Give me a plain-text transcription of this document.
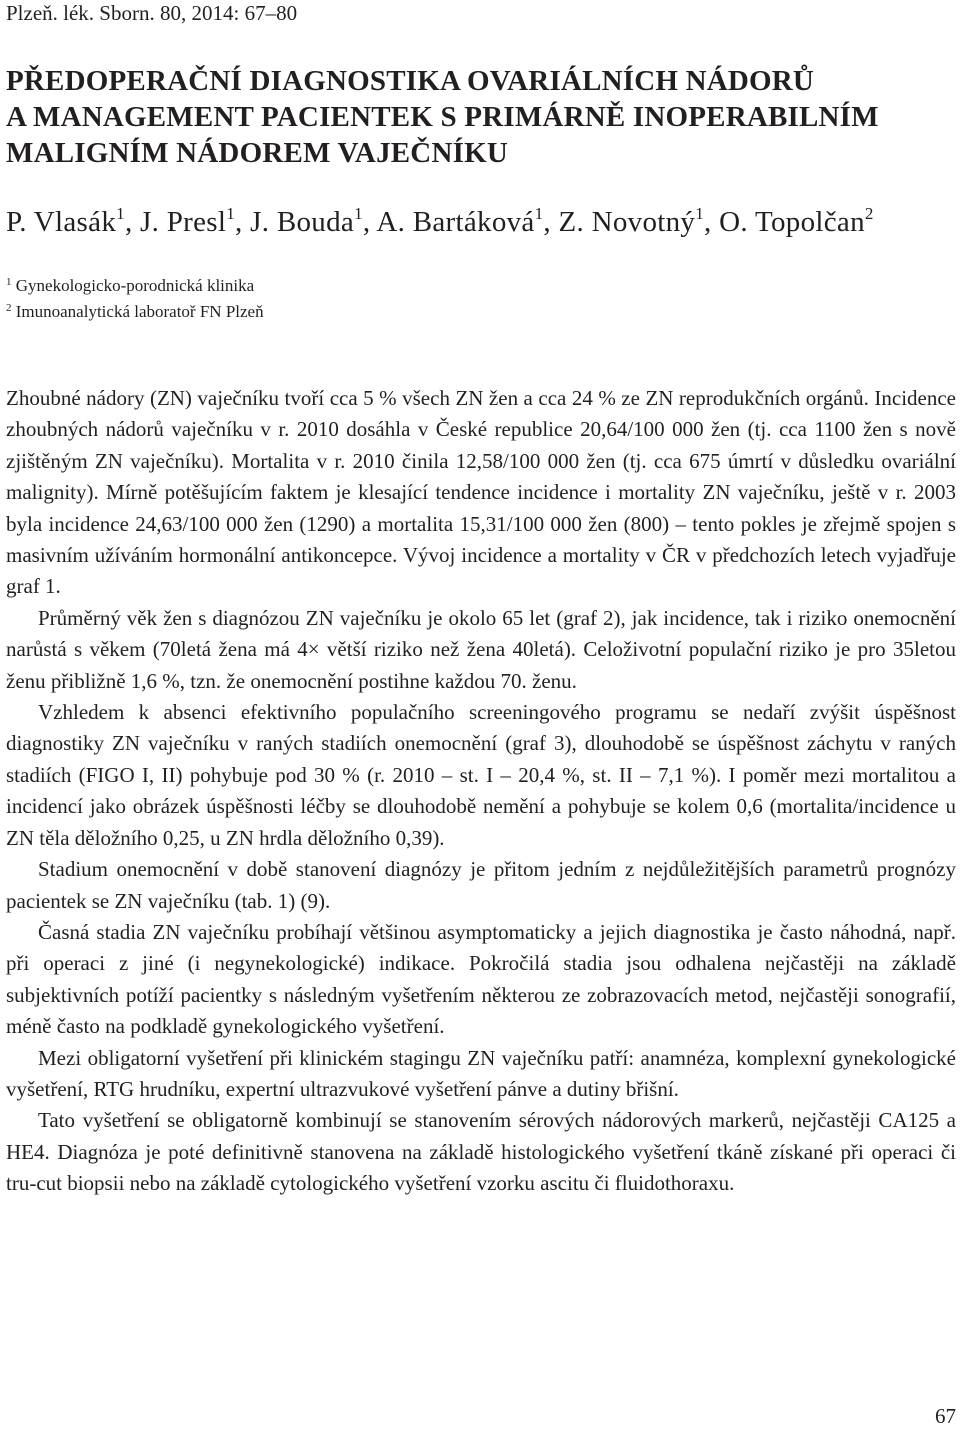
Plzeň. lék. Sborn. 80, 2014: 67–80
PŘEDOPERAČNÍ DIAGNOSTIKA OVARIÁLNÍCH NÁDORŮ
A MANAGEMENT PACIENTEK S PRIMÁRNĚ INOPERABILNÍM
MALIGNÍM NÁDOREM VAJEČNÍKU
P. Vlasák$^1$, J. Presl$^1$, J. Bouda$^1$, A. Bartáková$^1$, Z. Novotný$^1$, O. Topolčan$^2$
$^1$ Gynekologicko-porodnická klinika
$^2$ Imunoanalytická laboratoř FN Plzeň

Zhoubné nádory (ZN) vaječníku tvoří cca 5 % všech ZN žen a cca 24 % ze ZN reprodukčních orgánů. Incidence zhoubných nádorů vaječníku v r. 2010 dosáhla v České republice 20,64/100 000 žen (tj. cca 1100 žen s nově zjištěným ZN vaječníku). Mortalita v r. 2010 činila 12,58/100 000 žen (tj. cca 675 úmrtí v důsledku ovariální malignity). Mírně potěšujícím faktem je klesající tendence incidence i mortality ZN vaječníku, ještě v r. 2003 byla incidence 24,63/100 000 žen (1290) a mortalita 15,31/100 000 žen (800) – tento pokles je zřejmě spojen s masivním užíváním hormonální antikoncepce. Vývoj incidence a mortality v ČR v předchozích letech vyjadřuje graf 1.

Průměrný věk žen s diagnózou ZN vaječníku je okolo 65 let (graf 2), jak incidence, tak i riziko onemocnění narůstá s věkem (70letá žena má 4× větší riziko než žena 40letá). Celoživotní populační riziko je pro 35letou ženu přibližně 1,6 %, tzn. že onemocnění postihne každou 70. ženu.

Vzhledem k absenci efektivního populačního screeningového programu se nedaří zvýšit úspěšnost diagnostiky ZN vaječníku v raných stadiích onemocnění (graf 3), dlouhodobě se úspěšnost záchytu v raných stadiích (FIGO I, II) pohybuje pod 30 % (r. 2010 – st. I – 20,4 %, st. II – 7,1 %). I poměr mezi mortalitou a incidencí jako obrázek úspěšnosti léčby se dlouhodobě nemění a pohybuje se kolem 0,6 (mortalita/incidence u ZN těla děložního 0,25, u ZN hrdla děložního 0,39).

Stadium onemocnění v době stanovení diagnózy je přitom jedním z nejdůležitějších parametrů prognózy pacientek se ZN vaječníku (tab. 1) (9).

Časná stadia ZN vaječníku probíhají většinou asymptomaticky a jejich diagnostika je často náhodná, např. při operaci z jiné (i negynekologické) indikace. Pokročilá stadia jsou odhalena nejčastěji na základě subjektivních potíží pacientky s následným vyšetřením některou ze zobrazovacích metod, nejčastěji sonografií, méně často na podkladě gynekologického vyšetření.

Mezi obligatorní vyšetření při klinickém stagingu ZN vaječníku patří: anamnéza, komplexní gynekologické vyšetření, RTG hrudníku, expertní ultrazvukové vyšetření pánve a dutiny břišní.

Tato vyšetření se obligatorně kombinují se stanovením sérových nádorových markerů, nejčastěji CA125 a HE4. Diagnóza je poté definitivně stanovena na základě histologického vyšetření tkáně získané při operaci či tru-cut biopsii nebo na základě cytologického vyšetření vzorku ascitu či fluidothoraxu.

67
